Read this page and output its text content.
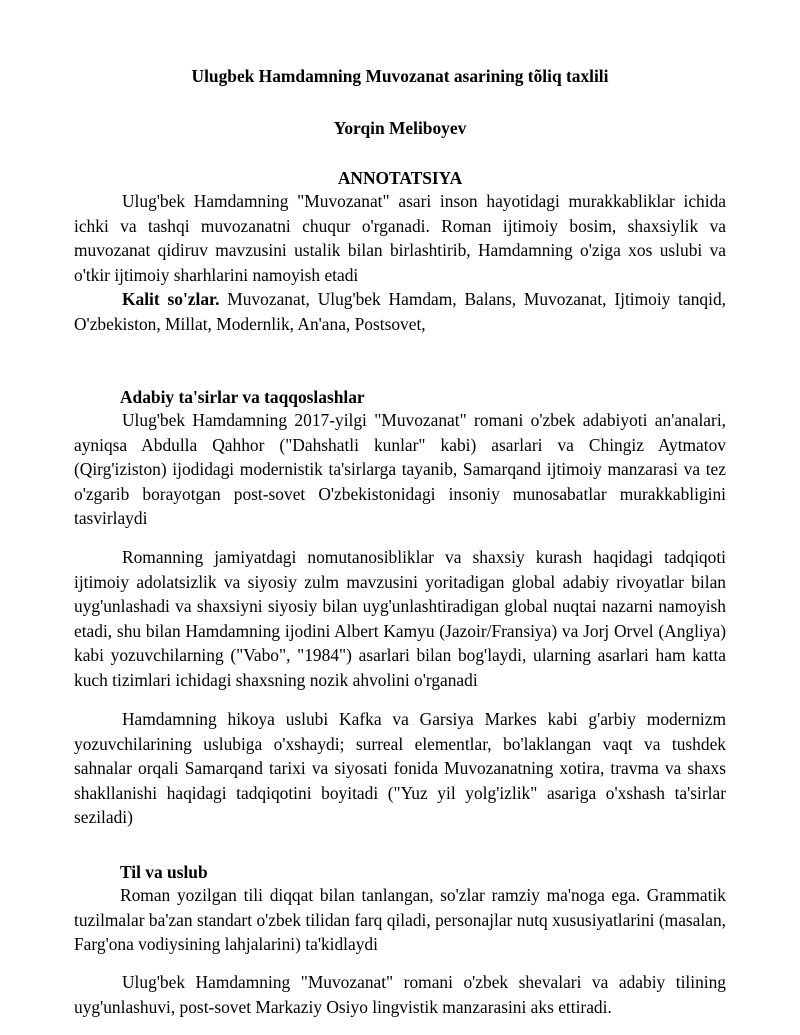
Ulugbek Hamdamning Muvozanat asarining tõliq taxlili

Yorqin Meliboyev

ANNOTATSIYA

Ulug'bek Hamdamning "Muvozanat" asari inson hayotidagi murakkabliklar ichida ichki va tashqi muvozanatni chuqur o'rganadi. Roman ijtimoiy bosim, shaxsiylik va muvozanat qidiruv mavzusini ustalik bilan birlashtirib, Hamdamning o'ziga xos uslubi va o'tkir ijtimoiy sharhlarini namoyish etadi

Kalit so'zlar. Muvozanat, Ulug'bek Hamdam, Balans, Muvozanat, Ijtimoiy tanqid, O'zbekiston, Millat, Modernlik, An'ana, Postsovet,

Adabiy ta'sirlar va taqqoslashlar

Ulug'bek Hamdamning 2017-yilgi "Muvozanat" romani o'zbek adabiyoti an'analari, ayniqsa Abdulla Qahhor ("Dahshatli kunlar" kabi) asarlari va Chingiz Aytmatov (Qirg'iziston) ijodidagi modernistik ta'sirlarga tayanib, Samarqand ijtimoiy manzarasi va tez o'zgarib borayotgan post-sovet O'zbekistonidagi insoniy munosabatlar murakkabligini tasvirlaydi

Romanning jamiyatdagi nomutanosibliklar va shaxsiy kurash haqidagi tadqiqoti ijtimoiy adolatsizlik va siyosiy zulm mavzusini yoritadigan global adabiy rivoyatlar bilan uyg'unlashadi va shaxsiyni siyosiy bilan uyg'unlashtiradigan global nuqtai nazarni namoyish etadi, shu bilan Hamdamning ijodini Albert Kamyu (Jazoir/Fransiya) va Jorj Orvel (Angliya) kabi yozuvchilarning ("Vabo", "1984") asarlari bilan bog'laydi, ularning asarlari ham katta kuch tizimlari ichidagi shaxsning nozik ahvolini o'rganadi

Hamdamning hikoya uslubi Kafka va Garsiya Markes kabi g'arbiy modernizm yozuvchilarining uslubiga o'xshaydi; surreal elementlar, bo'laklangan vaqt va tushdek sahnalar orqali Samarqand tarixi va siyosati fonida Muvozanatning xotira, travma va shaxs shakllanishi haqidagi tadqiqotini boyitadi ("Yuz yil yolg'izlik" asariga o'xshash ta'sirlar seziladi)

Til va uslub

Roman yozilgan tili diqqat bilan tanlangan, so'zlar ramziy ma'noga ega. Grammatik tuzilmalar ba'zan standart o'zbek tilidan farq qiladi, personajlar nutq xususiyatlarini (masalan, Farg'ona vodiysining lahjalarini) ta'kidlaydi

Ulug'bek Hamdamning "Muvozanat" romani o'zbek shevalari va adabiy tilining uyg'unlashuvi, post-sovet Markaziy Osiyo lingvistik manzarasini aks ettiradi.
